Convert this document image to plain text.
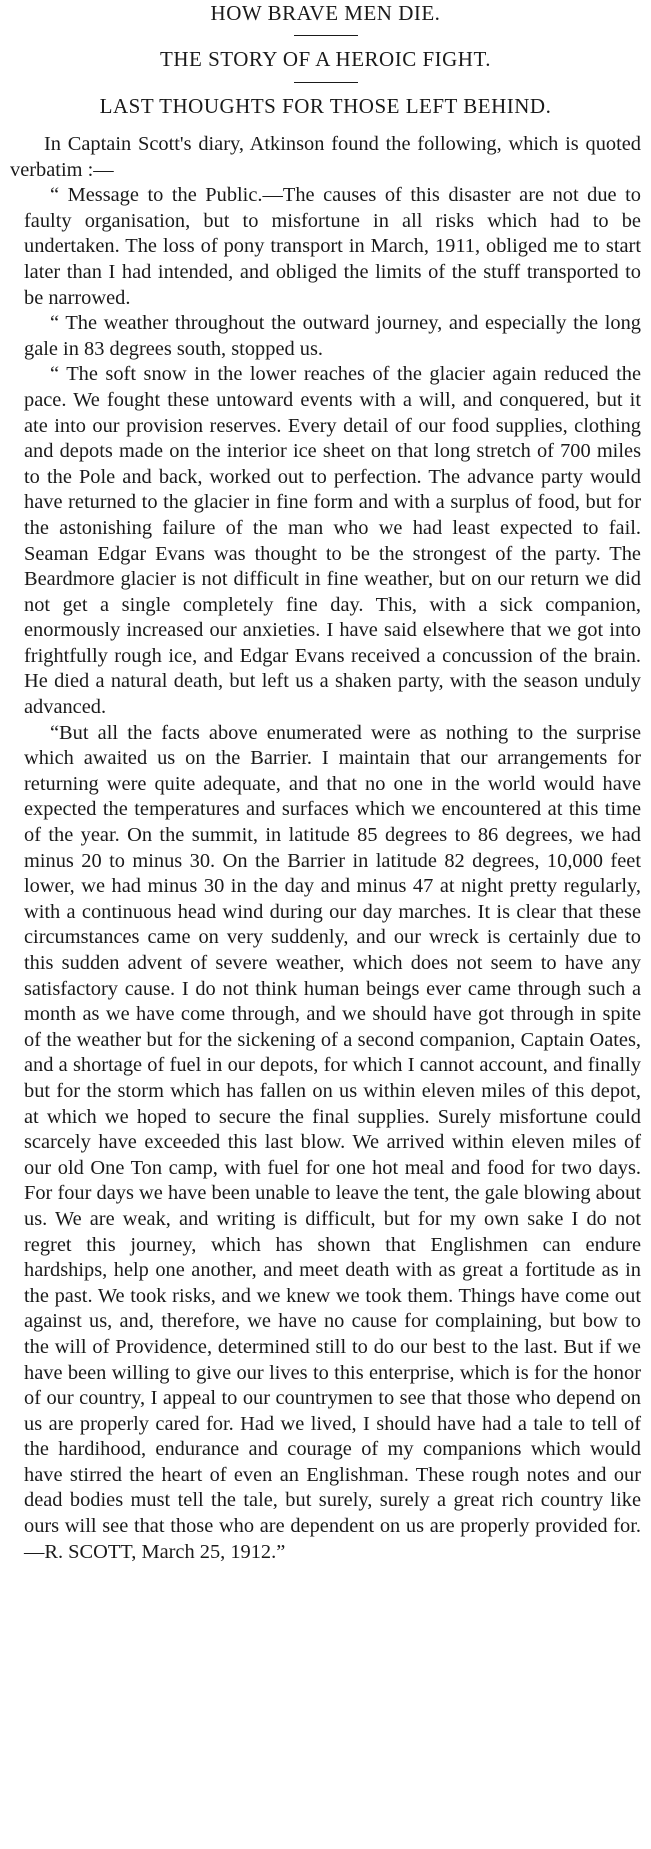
HOW BRAVE MEN DIE.
THE STORY OF A HEROIC FIGHT.
LAST THOUGHTS FOR THOSE LEFT BEHIND.

In Captain Scott's diary, Atkinson found the following, which is quoted verbatim :—

“ Message to the Public.—The causes of this disaster are not due to faulty organisation, but to misfortune in all risks which had to be undertaken. The loss of pony transport in March, 1911, obliged me to start later than I had intended, and obliged the limits of the stuff transported to be narrowed.

“ The weather throughout the outward journey, and especially the long gale in 83 degrees south, stopped us.

“ The soft snow in the lower reaches of the glacier again reduced the pace. We fought these untoward events with a will, and conquered, but it ate into our provision reserves. Every detail of our food supplies, clothing and depots made on the interior ice sheet on that long stretch of 700 miles to the Pole and back, worked out to perfection. The advance party would have returned to the glacier in fine form and with a surplus of food, but for the astonishing failure of the man who we had least expected to fail. Seaman Edgar Evans was thought to be the strongest of the party. The Beardmore glacier is not difficult in fine weather, but on our return we did not get a single completely fine day. This, with a sick companion, enormously increased our anxieties. I have said elsewhere that we got into frightfully rough ice, and Edgar Evans received a concussion of the brain. He died a natural death, but left us a shaken party, with the season unduly advanced.

“But all the facts above enumerated were as nothing to the surprise which awaited us on the Barrier. I maintain that our arrangements for returning were quite adequate, and that no one in the world would have expected the temperatures and surfaces which we encountered at this time of the year. On the summit, in latitude 85 degrees to 86 degrees, we had minus 20 to minus 30. On the Barrier in latitude 82 degrees, 10,000 feet lower, we had minus 30 in the day and minus 47 at night pretty regularly, with a continuous head wind during our day marches. It is clear that these circumstances came on very suddenly, and our wreck is certainly due to this sudden advent of severe weather, which does not seem to have any satisfactory cause. I do not think human beings ever came through such a month as we have come through, and we should have got through in spite of the weather but for the sickening of a second companion, Captain Oates, and a shortage of fuel in our depots, for which I cannot account, and finally but for the storm which has fallen on us within eleven miles of this depot, at which we hoped to secure the final supplies. Surely misfortune could scarcely have exceeded this last blow. We arrived within eleven miles of our old One Ton camp, with fuel for one hot meal and food for two days. For four days we have been unable to leave the tent, the gale blowing about us. We are weak, and writing is difficult, but for my own sake I do not regret this journey, which has shown that Englishmen can endure hardships, help one another, and meet death with as great a fortitude as in the past. We took risks, and we knew we took them. Things have come out against us, and, therefore, we have no cause for complaining, but bow to the will of Providence, determined still to do our best to the last. But if we have been willing to give our lives to this enterprise, which is for the honor of our country, I appeal to our countrymen to see that those who depend on us are properly cared for. Had we lived, I should have had a tale to tell of the hardihood, endurance and courage of my companions which would have stirred the heart of even an Englishman. These rough notes and our dead bodies must tell the tale, but surely, surely a great rich country like ours will see that those who are dependent on us are properly provided for.—R. SCOTT, March 25, 1912.”
